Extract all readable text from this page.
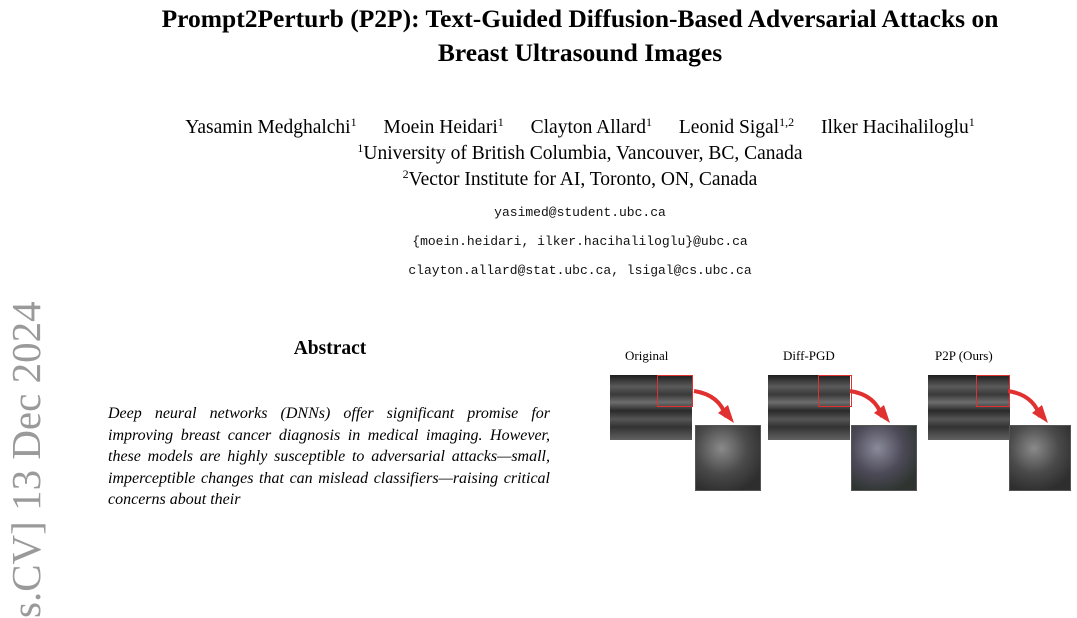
s.CV] 13 Dec 2024
Prompt2Perturb (P2P): Text-Guided Diffusion-Based Adversarial Attacks on
Breast Ultrasound Images
Yasamin Medghalchi$^1$ Moein Heidari$^1$ Clayton Allard$^1$ Leonid Sigal$^{1,2}$ Ilker Hacihaliloglu$^1$
$^1$University of British Columbia, Vancouver, BC, Canada
$^2$Vector Institute for AI, Toronto, ON, Canada
yasimed@student.ubc.ca
{moein.heidari, ilker.hacihaliloglu}@ubc.ca
clayton.allard@stat.ubc.ca, lsigal@cs.ubc.ca
Abstract
Deep neural networks (DNNs) offer significant promise for improving breast cancer diagnosis in medical imaging. However, these models are highly susceptible to adversarial attacks—small, imperceptible changes that can mislead classifiers—raising critical concerns about their
Original	Diff-PGD	P2P (Ours)
